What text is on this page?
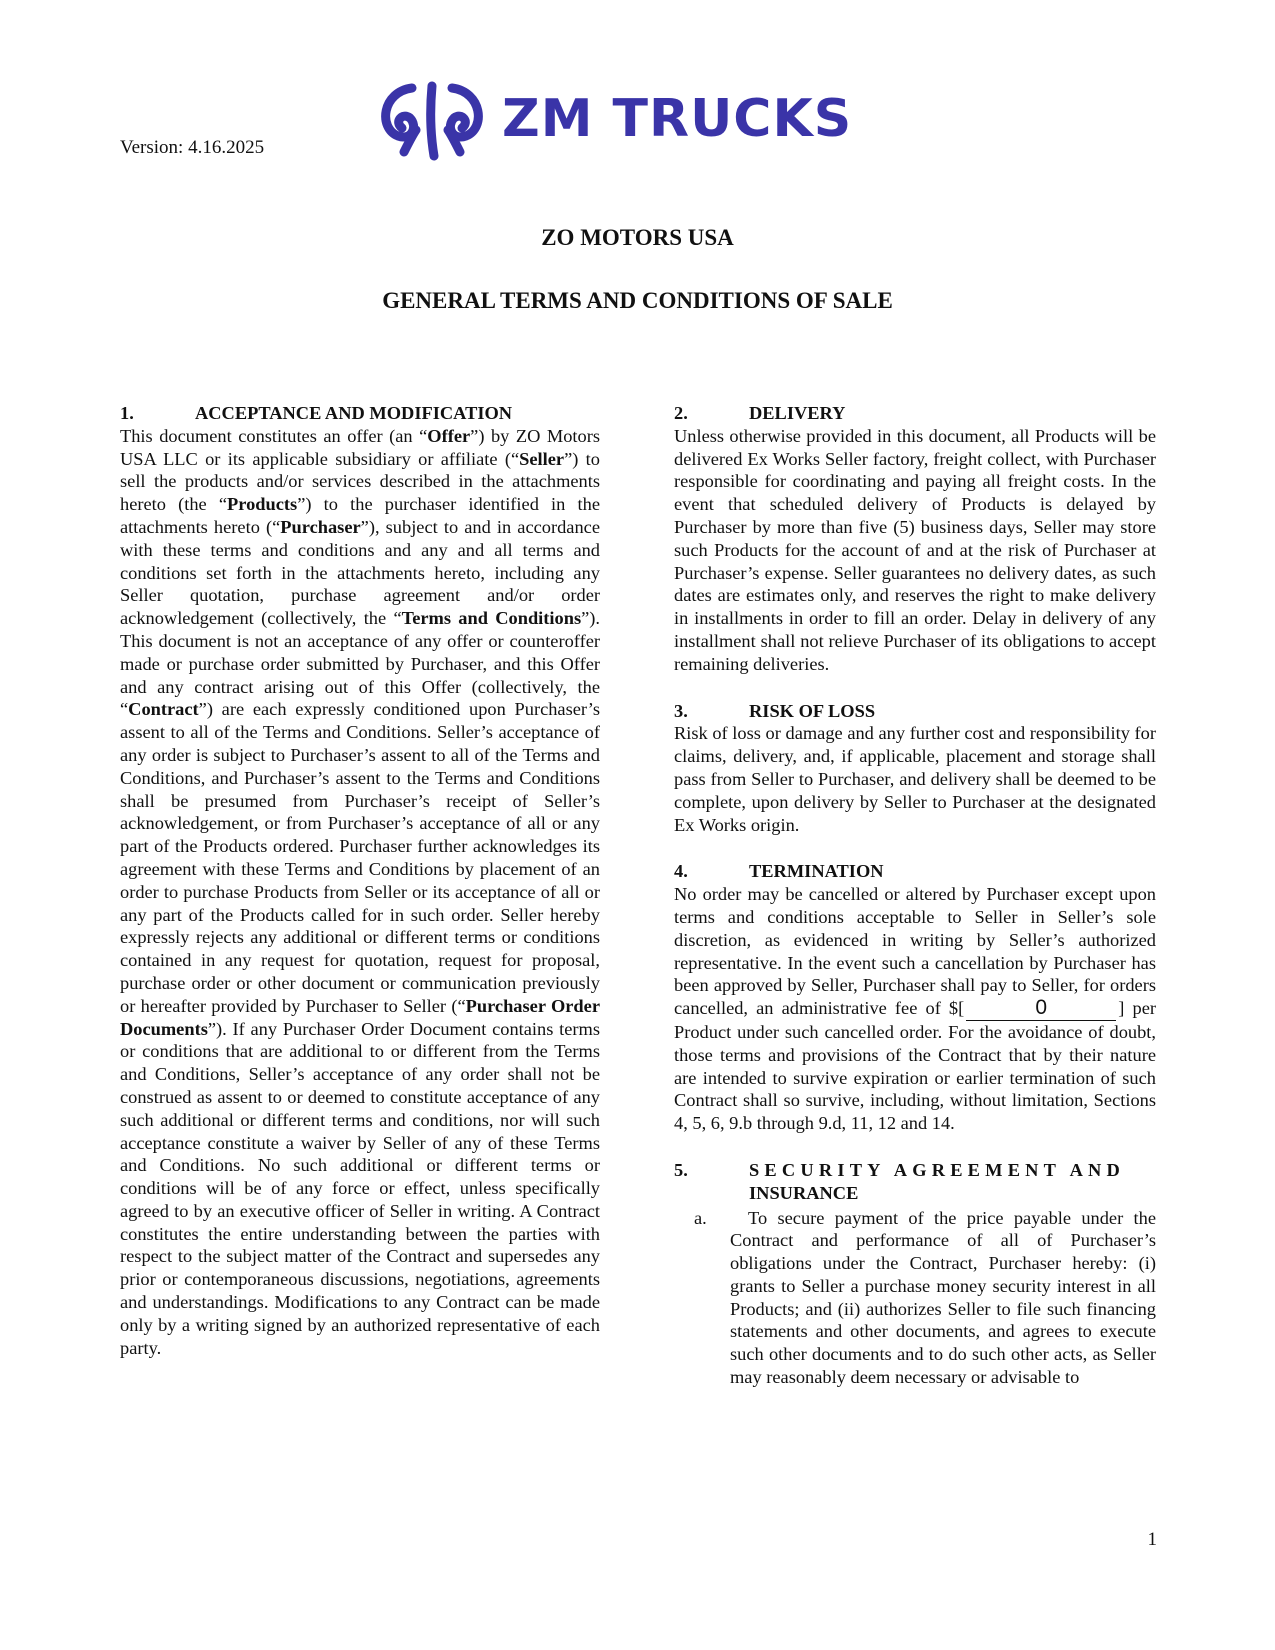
Version: 4.16.2025	ZM TRUCKS
ZO MOTORS USA
GENERAL TERMS AND CONDITIONS OF SALE
1.	ACCEPTANCE AND MODIFICATION

This document constitutes an offer (an “Offer”) by ZO Motors USA LLC or its applicable subsidiary or affiliate (“Seller”) to sell the products and/or services described in the attachments hereto (the “Products”) to the purchaser identified in the attachments hereto (“Purchaser”), subject to and in accordance with these terms and conditions and any and all terms and conditions set forth in the attachments hereto, including any Seller quotation, purchase agreement and/or order acknowledgement (collectively, the “Terms and Conditions”). This document is not an acceptance of any offer or counteroffer made or purchase order submitted by Purchaser, and this Offer and any contract arising out of this Offer (collectively, the “Contract”) are each expressly conditioned upon Purchaser’s assent to all of the Terms and Conditions. Seller’s acceptance of any order is subject to Purchaser’s assent to all of the Terms and Conditions, and Purchaser’s assent to the Terms and Conditions shall be presumed from Purchaser’s receipt of Seller’s acknowledgement, or from Purchaser’s acceptance of all or any part of the Products ordered. Purchaser further acknowledges its agreement with these Terms and Conditions by placement of an order to purchase Products from Seller or its acceptance of all or any part of the Products called for in such order. Seller hereby expressly rejects any additional or different terms or conditions contained in any request for quotation, request for proposal, purchase order or other document or communication previously or hereafter provided by Purchaser to Seller (“Purchaser Order Documents”). If any Purchaser Order Document contains terms or conditions that are additional to or different from the Terms and Conditions, Seller’s acceptance of any order shall not be construed as assent to or deemed to constitute acceptance of any such additional or different terms and conditions, nor will such acceptance constitute a waiver by Seller of any of these Terms and Conditions. No such additional or different terms or conditions will be of any force or effect, unless specifically agreed to by an executive officer of Seller in writing. A Contract constitutes the entire understanding between the parties with respect to the subject matter of the Contract and supersedes any prior or contemporaneous discussions, negotiations, agreements and understandings. Modifications to any Contract can be made only by a writing signed by an authorized representative of each party.

2.	DELIVERY

Unless otherwise provided in this document, all Products will be delivered Ex Works Seller factory, freight collect, with Purchaser responsible for coordinating and paying all freight costs. In the event that scheduled delivery of Products is delayed by Purchaser by more than five (5) business days, Seller may store such Products for the account of and at the risk of Purchaser at Purchaser’s expense. Seller guarantees no delivery dates, as such dates are estimates only, and reserves the right to make delivery in installments in order to fill an order. Delay in delivery of any installment shall not relieve Purchaser of its obligations to accept remaining deliveries.

3.	RISK OF LOSS

Risk of loss or damage and any further cost and responsibility for claims, delivery, and, if applicable, placement and storage shall pass from Seller to Purchaser, and delivery shall be deemed to be complete, upon delivery by Seller to Purchaser at the designated Ex Works origin.

4.	TERMINATION

No order may be cancelled or altered by Purchaser except upon terms and conditions acceptable to Seller in Seller’s sole discretion, as evidenced in writing by Seller’s authorized representative. In the event such a cancellation by Purchaser has been approved by Seller, Purchaser shall pay to Seller, for orders cancelled, an administrative fee of $[	0	] per Product under such cancelled order. For the avoidance of doubt, those terms and provisions of the Contract that by their nature are intended to survive expiration or earlier termination of such Contract shall so survive, including, without limitation, Sections 4, 5, 6, 9.b through 9.d, 11, 12 and 14.

5.	SECURITY AGREEMENT AND
INSURANCE
a.	To secure payment of the price payable under the Contract and performance of all of Purchaser’s obligations under the Contract, Purchaser hereby: (i) grants to Seller a purchase money security interest in all Products; and (ii) authorizes Seller to file such financing statements and other documents, and agrees to execute such other documents and to do such other acts, as Seller may reasonably deem necessary or advisable to

1
